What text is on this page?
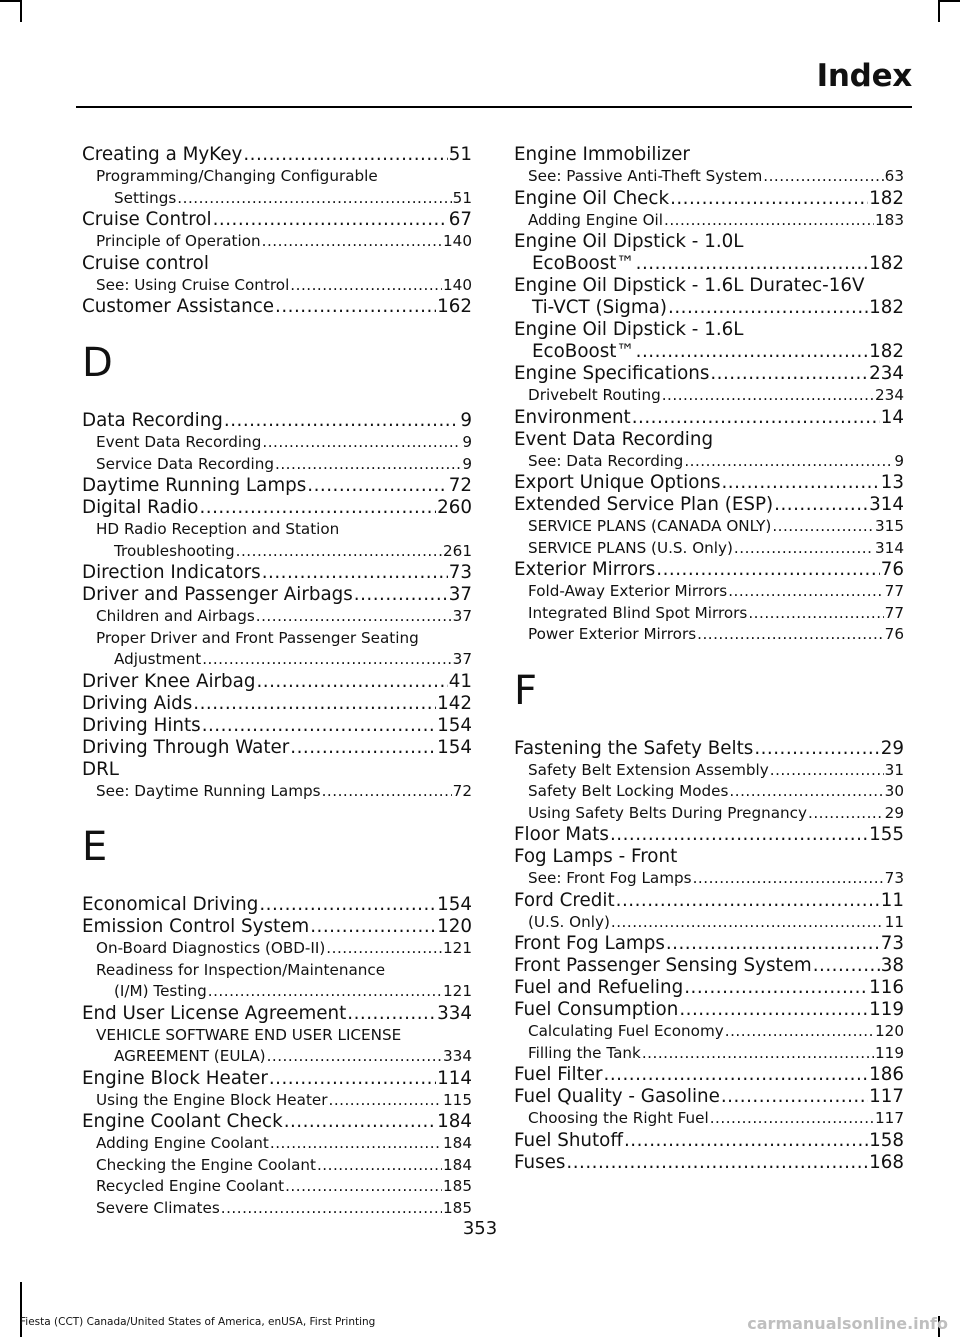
Index
Creating a MyKey .....	51
Programming/Changing Configurable
Settings .....	51
Cruise Control .....	67
Principle of Operation .....	140
Cruise control
See: Using Cruise Control .....	140
Customer Assistance .....	162
D
Data Recording .....	9
Event Data Recording .....	9
Service Data Recording .....	9
Daytime Running Lamps .....	72
Digital Radio .....	260
HD Radio Reception and Station
Troubleshooting .....	261
Direction Indicators .....	73
Driver and Passenger Airbags .....	37
Children and Airbags .....	37
Proper Driver and Front Passenger Seating
Adjustment .....	37
Driver Knee Airbag .....	41
Driving Aids .....	142
Driving Hints .....	154
Driving Through Water .....	154
DRL
See: Daytime Running Lamps .....	72
E
Economical Driving .....	154
Emission Control System .....	120
On-Board Diagnostics (OBD-II) .....	121
Readiness for Inspection/Maintenance
(I/M) Testing .....	121
End User License Agreement .....	334
VEHICLE SOFTWARE END USER LICENSE
AGREEMENT (EULA) .....	334
Engine Block Heater .....	114
Using the Engine Block Heater .....	115
Engine Coolant Check .....	184
Adding Engine Coolant .....	184
Checking the Engine Coolant .....	184
Recycled Engine Coolant .....	185
Severe Climates .....	185
Engine Immobilizer
See: Passive Anti-Theft System .....	63
Engine Oil Check .....	182
Adding Engine Oil .....	183
Engine Oil Dipstick - 1.0L
EcoBoost™ .....	182
Engine Oil Dipstick - 1.6L Duratec-16V
Ti-VCT (Sigma) .....	182
Engine Oil Dipstick - 1.6L
EcoBoost™ .....	182
Engine Specifications .....	234
Drivebelt Routing .....	234
Environment .....	14
Event Data Recording
See: Data Recording .....	9
Export Unique Options .....	13
Extended Service Plan (ESP) .....	314
SERVICE PLANS (CANADA ONLY) .....	315
SERVICE PLANS (U.S. Only) .....	314
Exterior Mirrors .....	76
Fold-Away Exterior Mirrors .....	77
Integrated Blind Spot Mirrors .....	77
Power Exterior Mirrors .....	76
F
Fastening the Safety Belts .....	29
Safety Belt Extension Assembly .....	31
Safety Belt Locking Modes .....	30
Using Safety Belts During Pregnancy .....	29
Floor Mats .....	155
Fog Lamps - Front
See: Front Fog Lamps .....	73
Ford Credit .....	11
(U.S. Only) .....	11
Front Fog Lamps .....	73
Front Passenger Sensing System .....	38
Fuel and Refueling .....	116
Fuel Consumption .....	119
Calculating Fuel Economy .....	120
Filling the Tank .....	119
Fuel Filter .....	186
Fuel Quality - Gasoline .....	117
Choosing the Right Fuel .....	117
Fuel Shutoff .....	158
Fuses .....	168
353
Fiesta (CCT) Canada/United States of America, enUSA, First Printing	carmanualsonline.info
